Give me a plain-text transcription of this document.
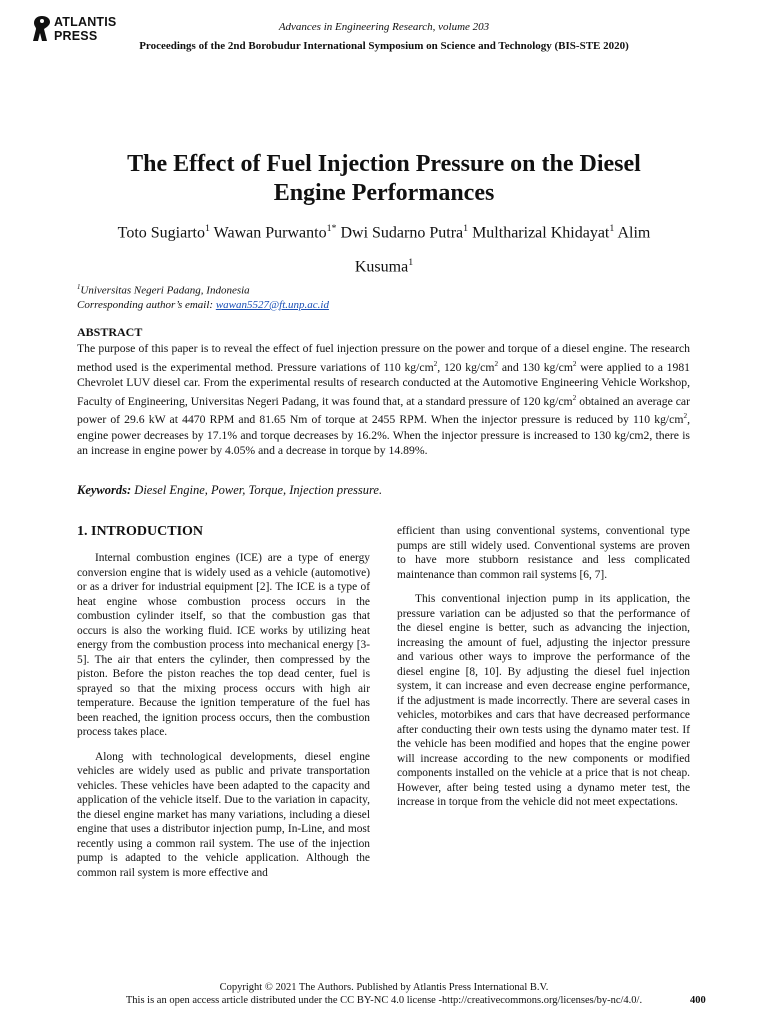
ATLANTIS
PRESS
Advances in Engineering Research, volume 203
Proceedings of the 2nd Borobudur International Symposium on Science and Technology (BIS-STE 2020)
The Effect of Fuel Injection Pressure on the Diesel
Engine Performances
Toto Sugiarto$^1$ Wawan Purwanto$^{1*}$ Dwi Sudarno Putra$^1$ Multharizal Khidayat$^1$ Alim
Kusuma$^1$
$^1$Universitas Negeri Padang, Indonesia
Corresponding author’s email: wawan5527@ft.unp.ac.id
ABSTRACT
The purpose of this paper is to reveal the effect of fuel injection pressure on the power and torque of a diesel engine. The research method used is the experimental method. Pressure variations of 110 $kg/cm^2$, 120 $kg/cm^2$ and 130 $kg/cm^2$ were applied to a 1981 Chevrolet LUV diesel car. From the experimental results of research conducted at the Automotive Engineering Vehicle Workshop, Faculty of Engineering, Universitas Negeri Padang, it was found that, at a standard pressure of 120 $kg/cm^2$ obtained an average car power of 29.6 kW at 4470 RPM and 81.65 Nm of torque at 2455 RPM. When the injector pressure is reduced by 110 $kg/cm^2$, engine power decreases by 17.1% and torque decreases by 16.2%. When the injector pressure is increased to 130 kg/cm2, there is an increase in engine power by 4.05% and a decrease in torque by 14.89%.
Keywords: Diesel Engine, Power, Torque, Injection pressure.
1. INTRODUCTION

Internal combustion engines (ICE) are a type of energy conversion engine that is widely used as a vehicle (automotive) or as a driver for industrial equipment [2]. The ICE is a type of heat engine whose combustion process occurs in the combustion cylinder itself, so that the combustion gas that occurs is also the working fluid. ICE works by utilizing heat energy from the combustion process into mechanical energy [3-5]. The air that enters the cylinder, then compressed by the piston. Before the piston reaches the top dead center, fuel is sprayed so that the mixing process occurs with high air temperature. Because the ignition temperature of the fuel has been reached, the ignition process occurs, then the combustion process takes place.

Along with technological developments, diesel engine vehicles are widely used as public and private transportation vehicles. These vehicles have been adapted to the capacity and application of the vehicle itself. Due to the variation in capacity, the diesel engine market has many variations, including a diesel engine that uses a distributor injection pump, In-Line, and most recently using a common rail system. The use of the injection pump is adapted to the vehicle application. Although the common rail system is more effective and

efficient than using conventional systems, conventional type pumps are still widely used. Conventional systems are proven to have more stubborn resistance and less complicated maintenance than common rail systems [6, 7].

This conventional injection pump in its application, the pressure variation can be adjusted so that the performance of the diesel engine is better, such as advancing the injection, increasing the amount of fuel, adjusting the injector pressure and various other ways to improve the performance of the diesel engine [8, 10]. By adjusting the diesel fuel injection system, it can increase and even decrease engine performance, if the adjustment is made incorrectly. There are several cases in vehicles, motorbikes and cars that have decreased performance after conducting their own tests using the dynamo mater test. If the vehicle has been modified and hopes that the engine power will increase according to the new components or modified components installed on the vehicle at a price that is not cheap. However, after being tested using a dynamo meter test, the increase in torque from the vehicle did not meet expectations.

Copyright © 2021 The Authors. Published by Atlantis Press International B.V.
This is an open access article distributed under the CC BY-NC 4.0 license -http://creativecommons.org/licenses/by-nc/4.0/.	400
